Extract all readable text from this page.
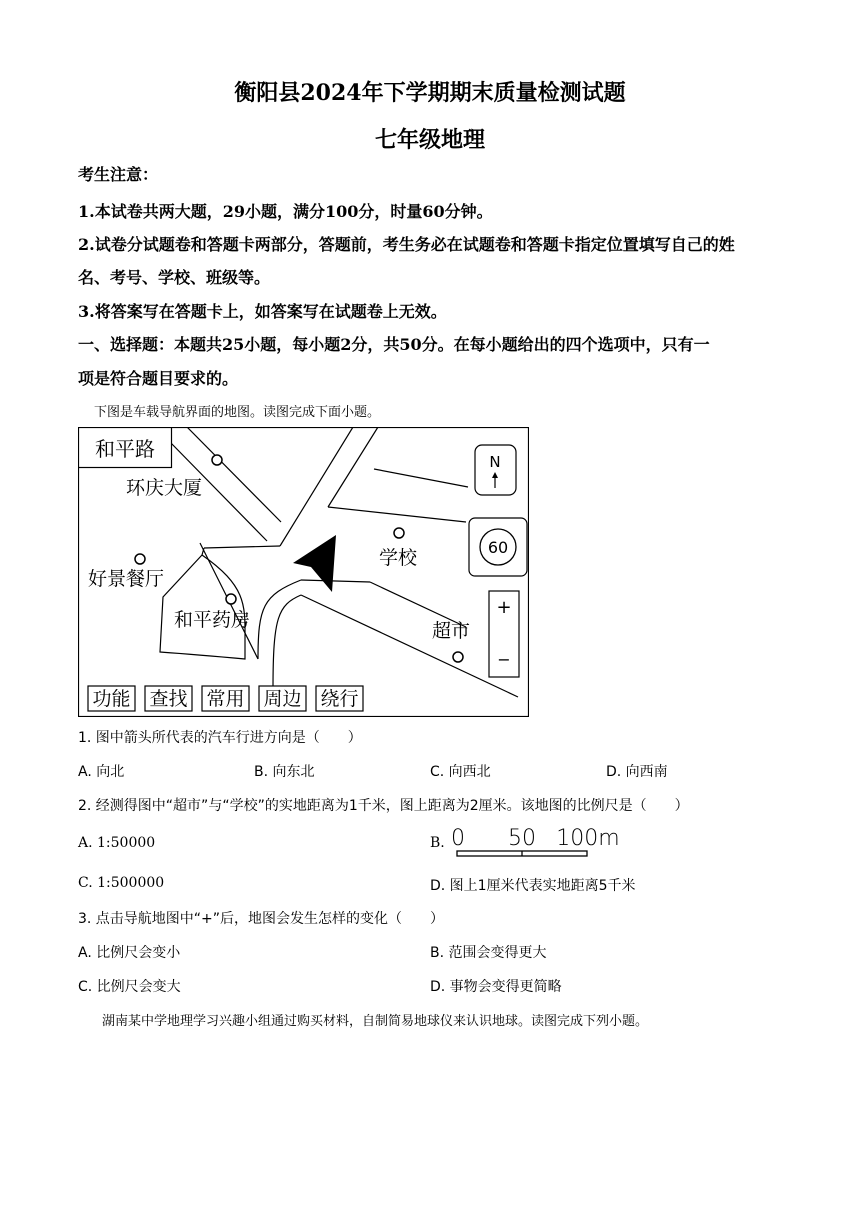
衡阳县2024年下学期期末质量检测试题
七年级地理
考生注意：
1.本试卷共两大题，29小题，满分100分，时量60分钟。
2.试卷分试题卷和答题卡两部分，答题前，考生务必在试题卷和答题卡指定位置填写自己的姓
名、考号、学校、班级等。
3.将答案写在答题卡上，如答案写在试题卷上无效。
一、选择题：本题共25小题，每小题2分，共50分。在每小题给出的四个选项中，只有一
项是符合题目要求的。
下图是车载导航界面的地图。读图完成下面小题。
和平路
环庆大厦
好景餐厅
和平药房
学校
超市
N
60
+
−
功能 查找 常用 周边 绕行
1. 图中箭头所代表的汽车行进方向是（　　）
A. 向北	B. 向东北	C. 向西北	D. 向西南
2. 经测得图中“超市”与“学校”的实地距离为1千米，图上距离为2厘米。该地图的比例尺是（　　）
A. 1:50000	B. 0 50 100m
C. 1:500000	D. 图上1厘米代表实地距离5千米
3. 点击导航地图中“+”后，地图会发生怎样的变化（　　）
A. 比例尺会变小	B. 范围会变得更大
C. 比例尺会变大	D. 事物会变得更简略
湖南某中学地理学习兴趣小组通过购买材料，自制简易地球仪来认识地球。读图完成下列小题。
